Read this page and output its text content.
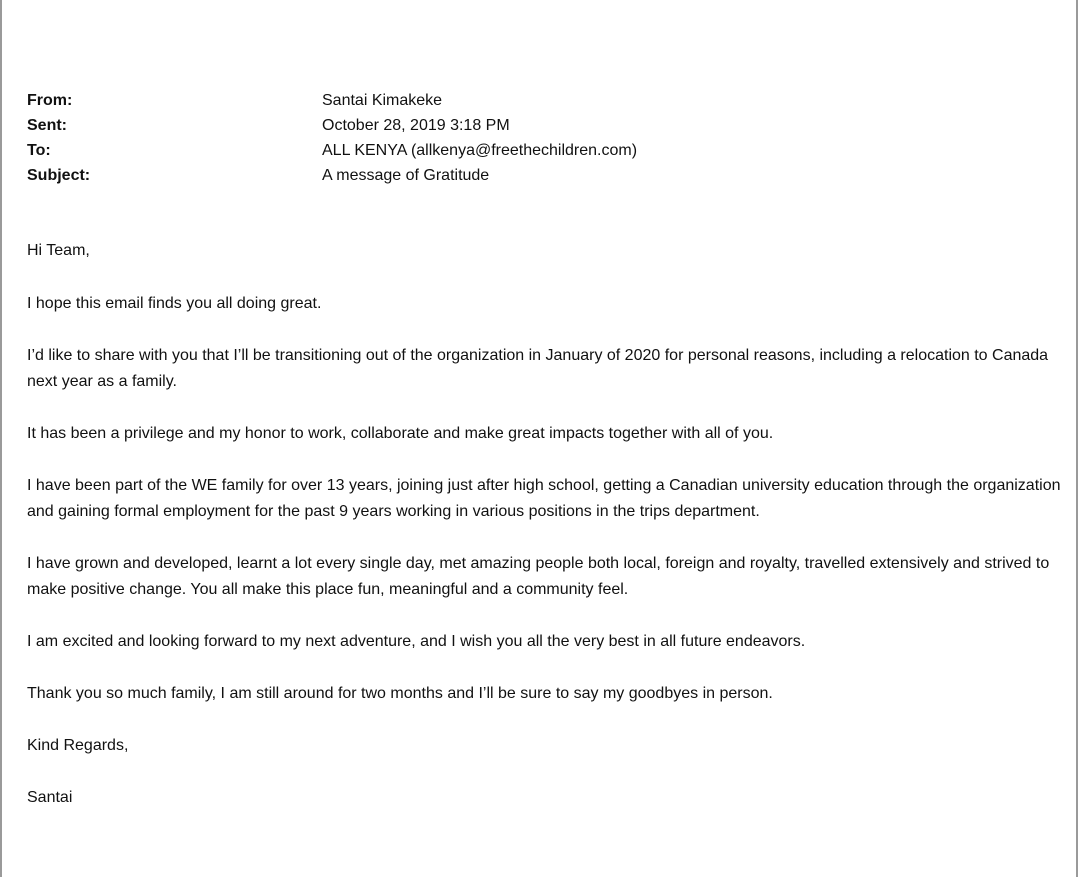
From:	Santai Kimakeke
Sent:	October 28, 2019 3:18 PM
To:	ALL KENYA (allkenya@freethechildren.com)
Subject:	A message of Gratitude

Hi Team,

I hope this email finds you all doing great.

I’d like to share with you that I’ll be transitioning out of the organization in January of 2020 for personal reasons, including a relocation to Canada next year as a family.

It has been a privilege and my honor to work, collaborate and make great impacts together with all of you.

I have been part of the WE family for over 13 years, joining just after high school, getting a Canadian university education through the organization and gaining formal employment for the past 9 years working in various positions in the trips department.

I have grown and developed, learnt a lot every single day, met amazing people both local, foreign and royalty, travelled extensively and strived to make positive change. You all make this place fun, meaningful and a community feel.

I am excited and looking forward to my next adventure, and I wish you all the very best in all future endeavors.

Thank you so much family, I am still around for two months and I’ll be sure to say my goodbyes in person.

Kind Regards,

Santai
